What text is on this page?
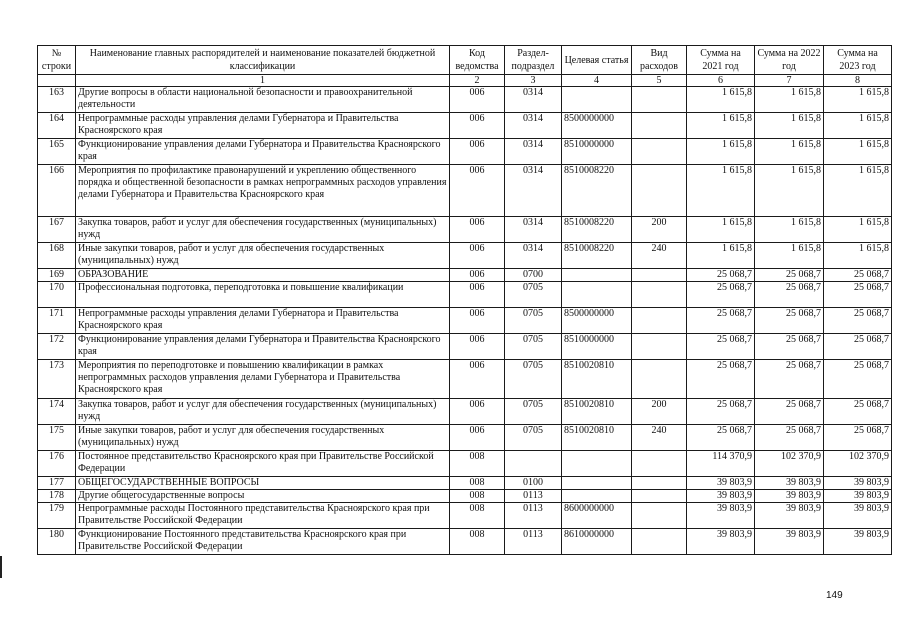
№ строки	Наименование главных распорядителей и наименование показателей бюджетной классификации	Код ведомства	Раздел-подраздел	Целевая статья	Вид расходов	Сумма на 2021 год	Сумма на 2022 год	Сумма на 2023 год
	1	2	3	4	5	6	7	8
163	Другие вопросы в области национальной безопасности и правоохранительной деятельности	006	0314			1 615,8	1 615,8	1 615,8
164	Непрограммные расходы управления делами Губернатора и Правительства Красноярского края	006	0314	8500000000		1 615,8	1 615,8	1 615,8
165	Функционирование управления делами Губернатора и Правительства Красноярского края	006	0314	8510000000		1 615,8	1 615,8	1 615,8
166	Мероприятия по профилактике правонарушений и укреплению общественного порядка и общественной безопасности в рамках непрограммных расходов управления делами Губернатора и Правительства Красноярского края	006	0314	8510008220		1 615,8	1 615,8	1 615,8
167	Закупка товаров, работ и услуг для обеспечения государственных (муниципальных) нужд	006	0314	8510008220	200	1 615,8	1 615,8	1 615,8
168	Иные закупки товаров, работ и услуг для обеспечения государственных (муниципальных) нужд	006	0314	8510008220	240	1 615,8	1 615,8	1 615,8
169	ОБРАЗОВАНИЕ	006	0700			25 068,7	25 068,7	25 068,7
170	Профессиональная подготовка, переподготовка и повышение квалификации	006	0705			25 068,7	25 068,7	25 068,7
171	Непрограммные расходы управления делами Губернатора и Правительства Красноярского края	006	0705	8500000000		25 068,7	25 068,7	25 068,7
172	Функционирование управления делами Губернатора и Правительства Красноярского края	006	0705	8510000000		25 068,7	25 068,7	25 068,7
173	Мероприятия по переподготовке и повышению квалификации в рамках непрограммных расходов управления делами Губернатора и Правительства Красноярского края	006	0705	8510020810		25 068,7	25 068,7	25 068,7
174	Закупка товаров, работ и услуг для обеспечения государственных (муниципальных) нужд	006	0705	8510020810	200	25 068,7	25 068,7	25 068,7
175	Иные закупки товаров, работ и услуг для обеспечения государственных (муниципальных) нужд	006	0705	8510020810	240	25 068,7	25 068,7	25 068,7
176	Постоянное представительство Красноярского края при Правительстве Российской Федерации	008				114 370,9	102 370,9	102 370,9
177	ОБЩЕГОСУДАРСТВЕННЫЕ ВОПРОСЫ	008	0100			39 803,9	39 803,9	39 803,9
178	Другие общегосударственные вопросы	008	0113			39 803,9	39 803,9	39 803,9
179	Непрограммные расходы Постоянного представительства Красноярского края при Правительстве Российской Федерации	008	0113	8600000000		39 803,9	39 803,9	39 803,9
180	Функционирование Постоянного представительства Красноярского края при Правительстве Российской Федерации	008	0113	8610000000		39 803,9	39 803,9	39 803,9
149
